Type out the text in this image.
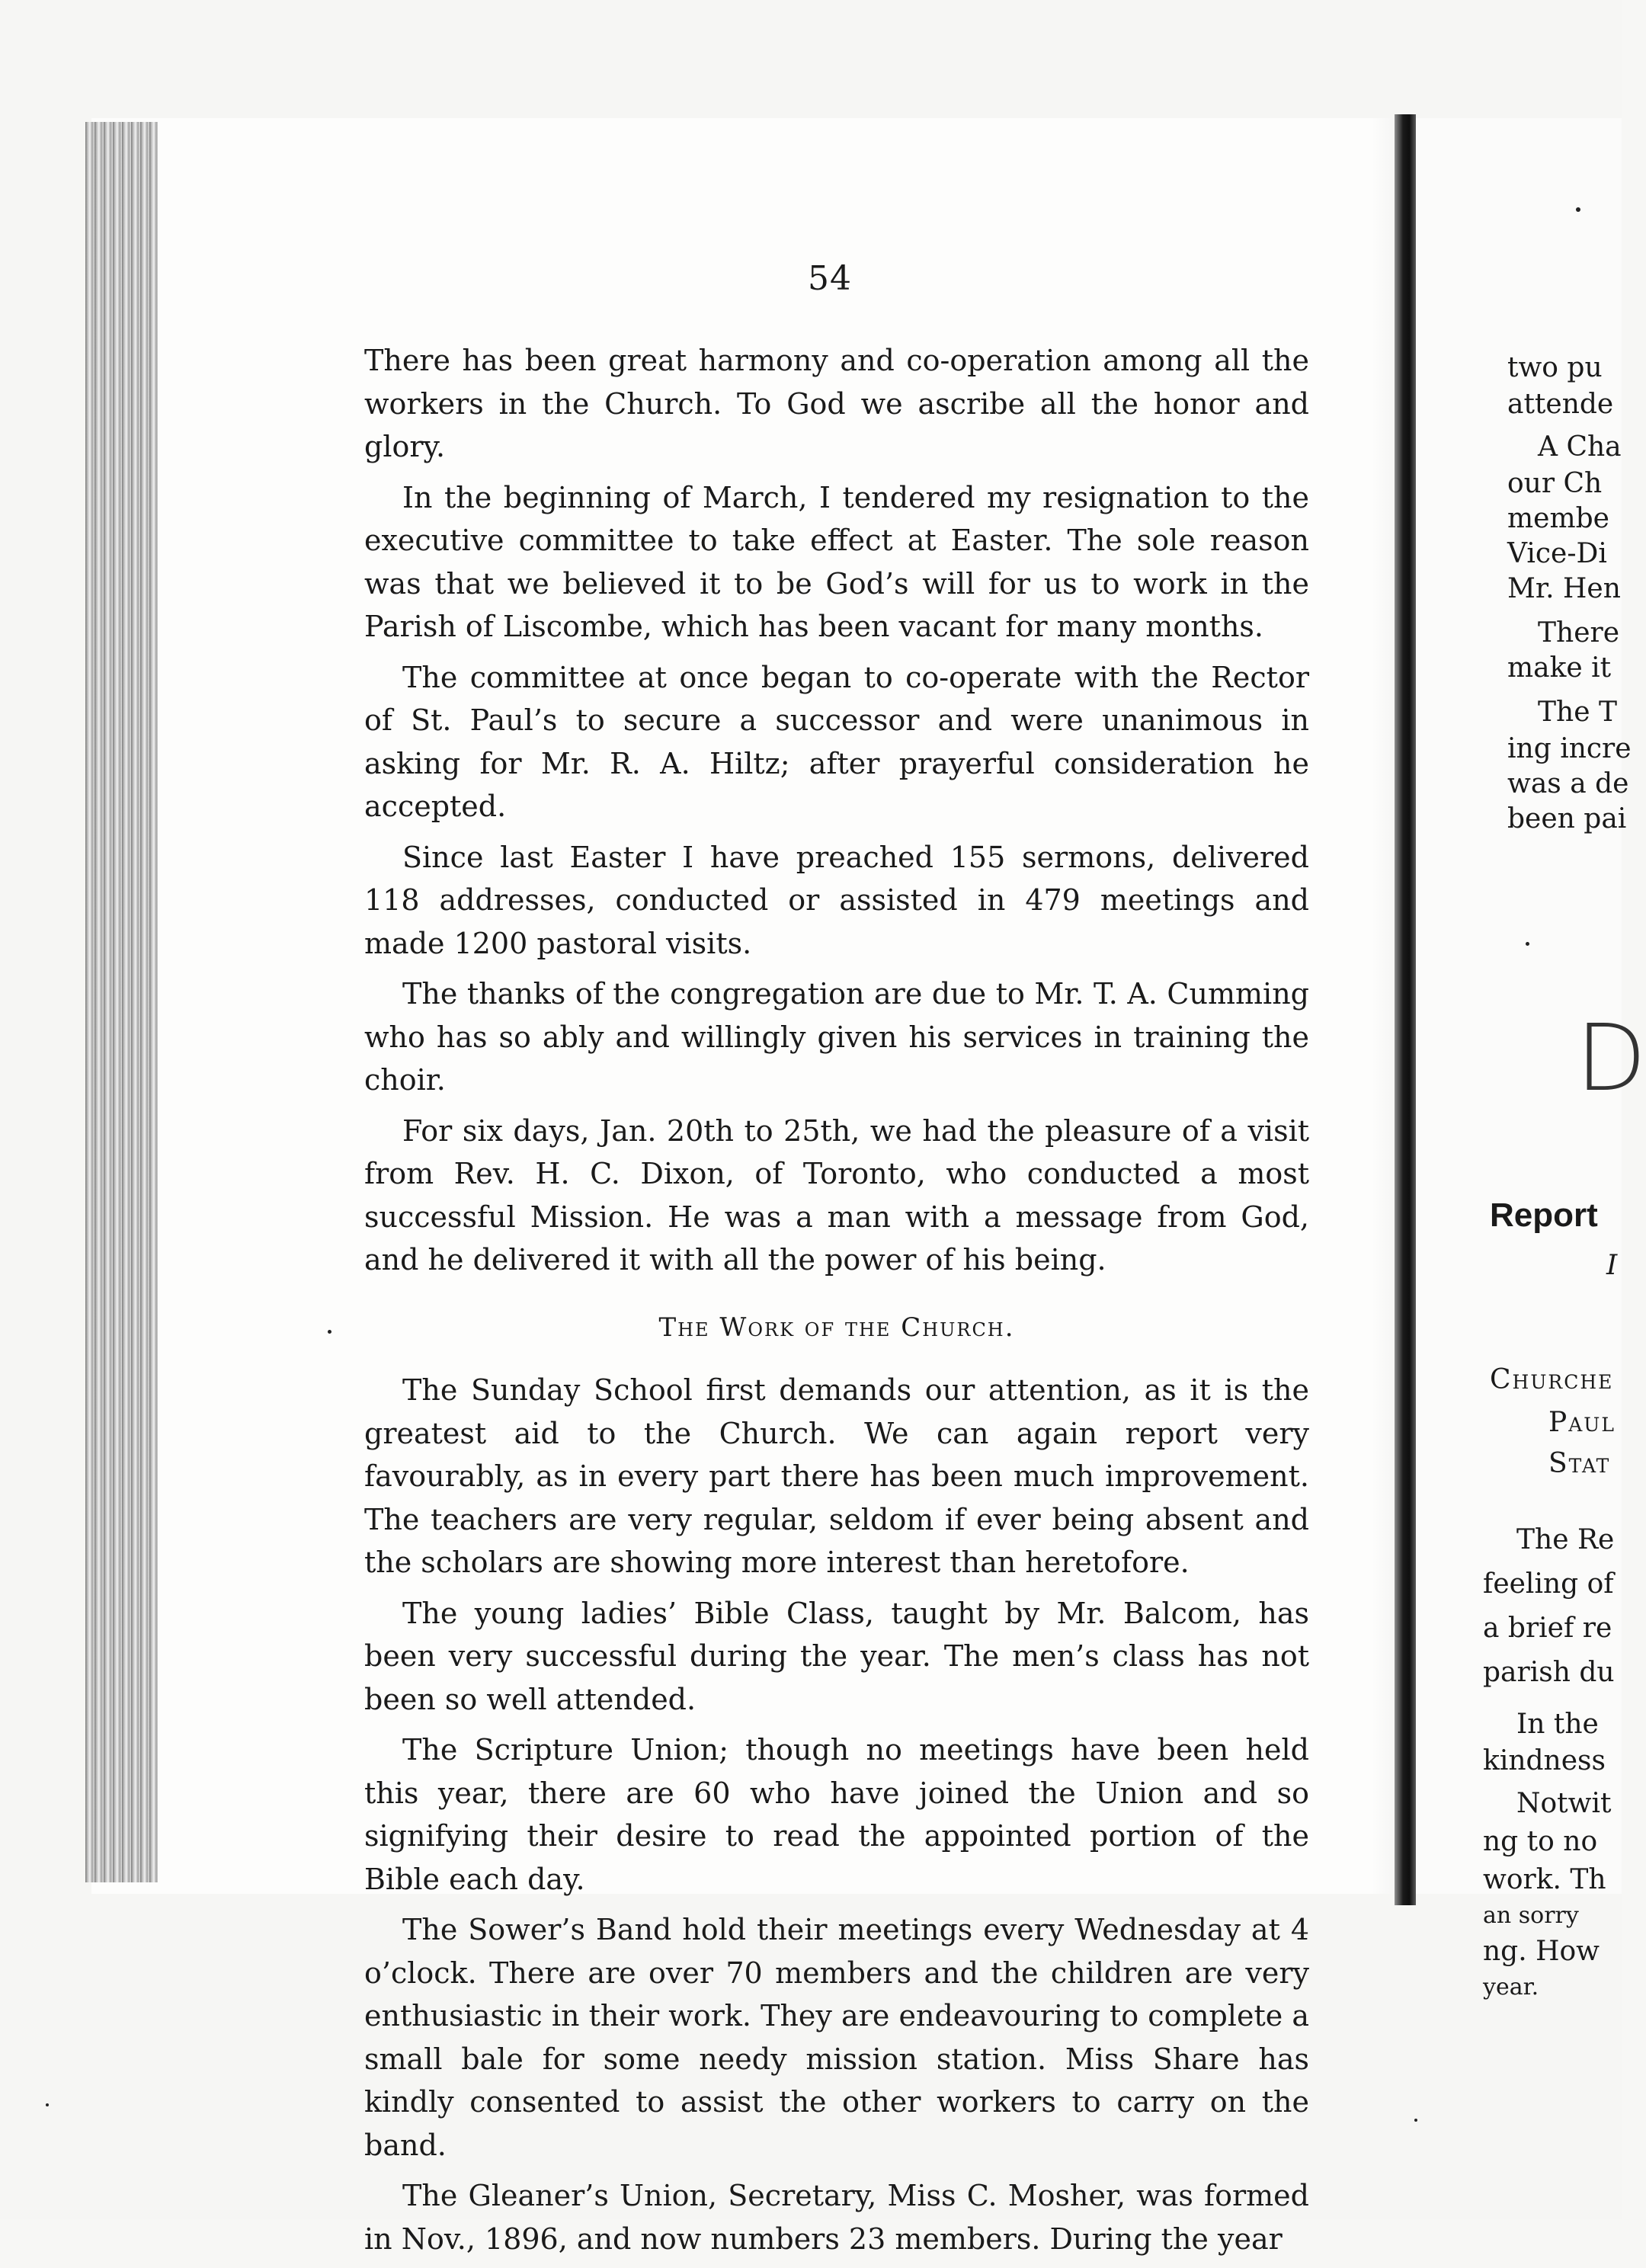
54

There has been great harmony and co-operation among all the workers in the Church. To God we ascribe all the honor and glory.

In the beginning of March, I tendered my resignation to the executive committee to take effect at Easter. The sole reason was that we believed it to be God’s will for us to work in the Parish of Liscombe, which has been vacant for many months.

The committee at once began to co-operate with the Rector of St. Paul’s to secure a successor and were unanimous in asking for Mr. R. A. Hiltz; after prayerful consideration he accepted.

Since last Easter I have preached 155 sermons, delivered 118 addresses, conducted or assisted in 479 meetings and made 1200 pastoral visits.

The thanks of the congregation are due to Mr. T. A. Cumming who has so ably and willingly given his services in training the choir.

For six days, Jan. 20th to 25th, we had the pleasure of a visit from Rev. H. C. Dixon, of Toronto, who conducted a most successful Mission. He was a man with a message from God, and he delivered it with all the power of his being.

The Work of the Church.

The Sunday School first demands our attention, as it is the greatest aid to the Church. We can again report very favourably, as in every part there has been much improvement. The teachers are very regular, seldom if ever being absent and the scholars are showing more interest than heretofore.

The young ladies’ Bible Class, taught by Mr. Balcom, has been very successful during the year. The men’s class has not been so well attended.

The Scripture Union; though no meetings have been held this year, there are 60 who have joined the Union and so signifying their desire to read the appointed portion of the Bible each day.

The Sower’s Band hold their meetings every Wednesday at 4 o’clock. There are over 70 members and the children are very enthusiastic in their work. They are endeavouring to complete a small bale for some needy mission station. Miss Share has kindly consented to assist the other workers to carry on the band.

The Gleaner’s Union, Secretary, Miss C. Mosher, was formed in Nov., 1896, and now numbers 23 members. During the year

two pu
attende
A Cha
our Ch
membe
Vice-Di
Mr. Hen
There
make it
The T
ing incre
was a de
been pai
D
Report
I
Churche
Paul
Stat
The Re
feeling of
a brief re
parish du
In the
kindness
Notwit
ng to no
work. Th
an sorry
ng. How
year.
